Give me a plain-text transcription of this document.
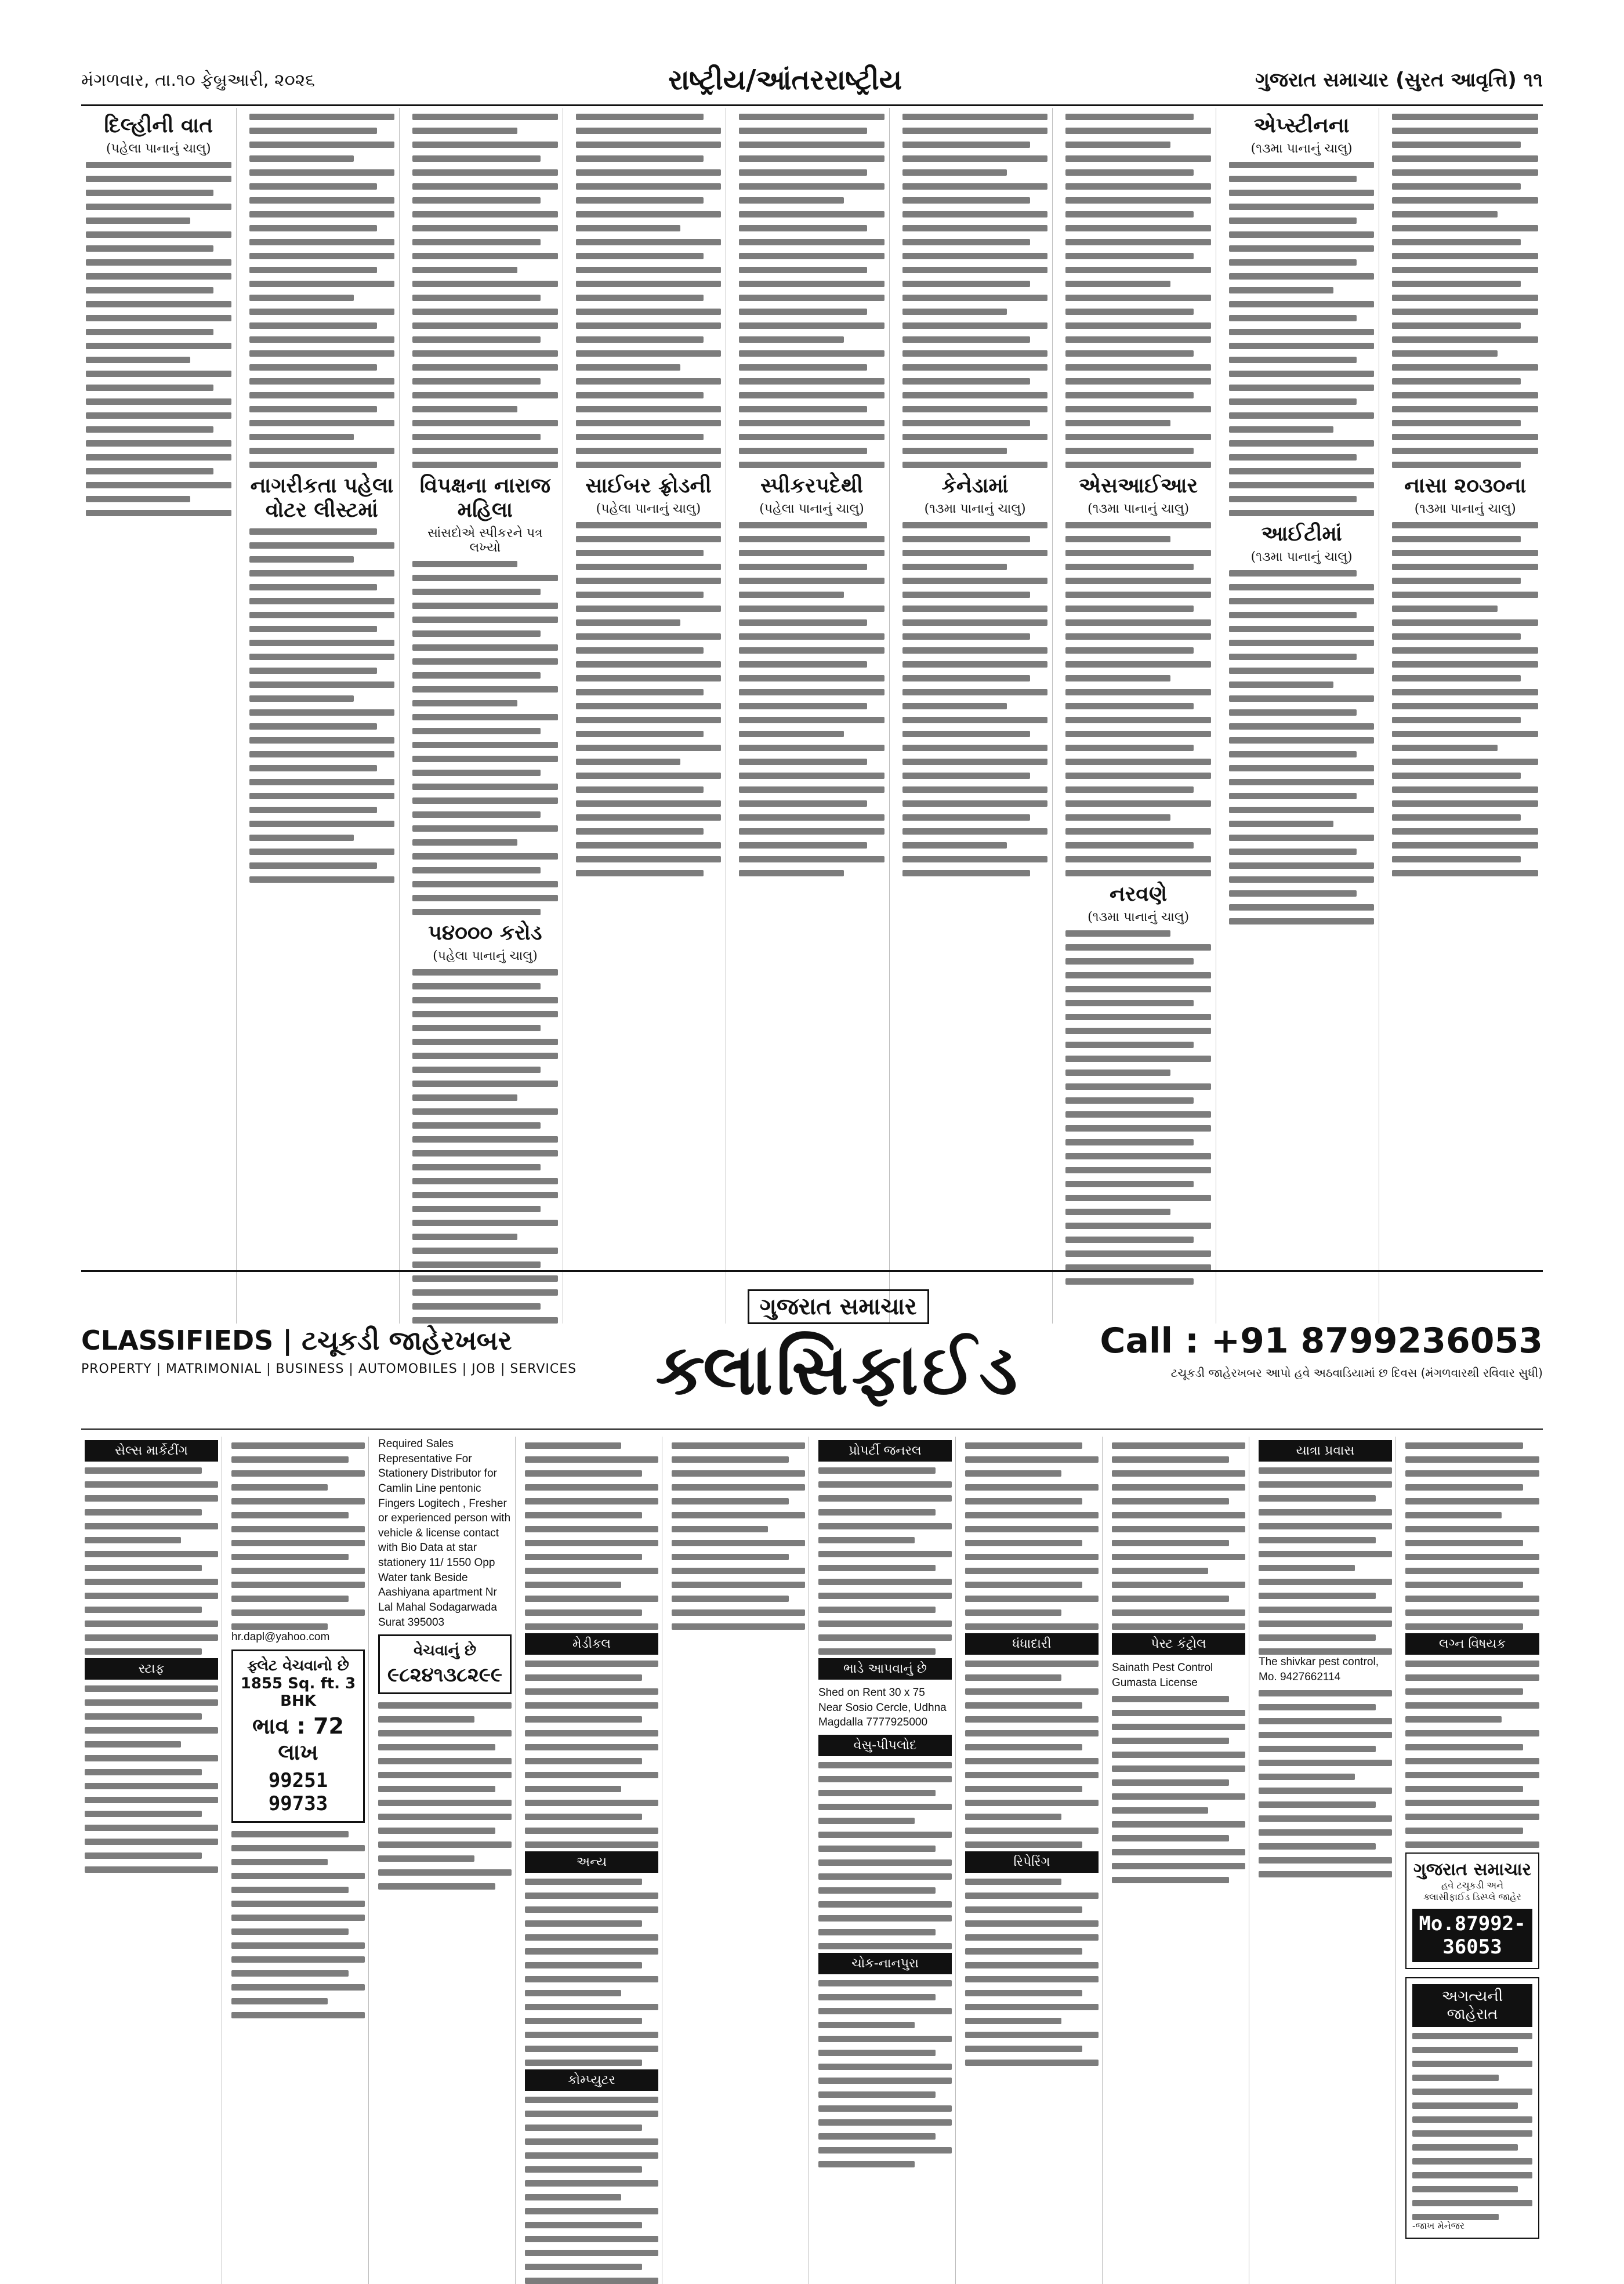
મંગળવાર, તા.૧૦ ફેબ્રુઆરી, ૨૦૨૬	રાષ્ટ્રીય/આંતરરાષ્ટ્રીય	ગુજરાત સમાચાર (સુરત આવૃત્તિ) ૧૧
દિલ્હીની વાત
(પહેલા પાનાનું ચાલુ)
નાગરીકતા પહેલા વોટર લીસ્ટમાં
વિપક્ષના નારાજ મહિલા
સાંસદોએ સ્પીકરને પત્ર લખ્યો
૫૪૦૦૦ કરોડ
(પહેલા પાનાનું ચાલુ)
સાઈબર ફ્રોડની
(પહેલા પાનાનું ચાલુ)
સ્પીકરપદેથી
(પહેલા પાનાનું ચાલુ)
કેનેડામાં
(૧૩મા પાનાનું ચાલુ)
એસઆઈઆર
(૧૩મા પાનાનું ચાલુ)
નરવણે
(૧૩મા પાનાનું ચાલુ)
એપ્સ્ટીનના
(૧૩મા પાનાનું ચાલુ)
આઈટીમાં
(૧૩મા પાનાનું ચાલુ)
નાસા ૨૦૩૦ના
(૧૩મા પાનાનું ચાલુ)
CLASSIFIEDS | ટચૂકડી જાહેરખબર
PROPERTY | MATRIMONIAL | BUSINESS | AUTOMOBILES | JOB | SERVICES
ગુજરાત સમાચાર
ક્લાસિફાઈડ Call : +91 8799236053
ટચૂકડી જાહેરખબર આપો હવે અઠવાડિયામાં છ દિવસ (મંગળવારથી રવિવાર સુધી)
સેલ્સ માર્કેટીંગ
સ્ટાફ

hr.dapl@yahoo.com

ફ્લેટ વેચવાનો છે
1855 Sq. ft. 3 BHK
ભાવ : 72 લાખ
99251 99733

Required Sales Representative For Stationery Distributor for Camlin Line pentonic Fingers Logitech , Fresher or experienced person with vehicle & license contact with Bio Data at star stationery 11/ 1550 Opp Water tank Beside Aashiyana apartment Nr Lal Mahal Sodagarwada Surat 395003

વેચવાનું છે
૯૮૨૪૧૩૮૨૯૯
મેડીકલ
અન્ય
કોમ્પ્યુટર
પ્રોપર્ટી જનરલ
ભાડે આપવાનું છે

Shed on Rent 30 x 75 Near Sosio Cercle, Udhna Magdalla 7777925000

વેસુ-પીપલોદ
ચોક-નાનપુરા
ધંધાદારી
રિપેરિંગ
પેસ્ટ કંટ્રોલ

Sainath Pest Control Gumasta License

યાત્રા પ્રવાસ

The shivkar pest control, Mo. 9427662114

લગ્ન વિષયક
ગુજરાત સમાચાર
હવે ટચૂકડી અને
ક્લાસીફાઈડ ડિસ્પ્લે જાહેર
Mo.87992-36053
અગત્યની જાહેરાત
-જાખ મેનેજર
